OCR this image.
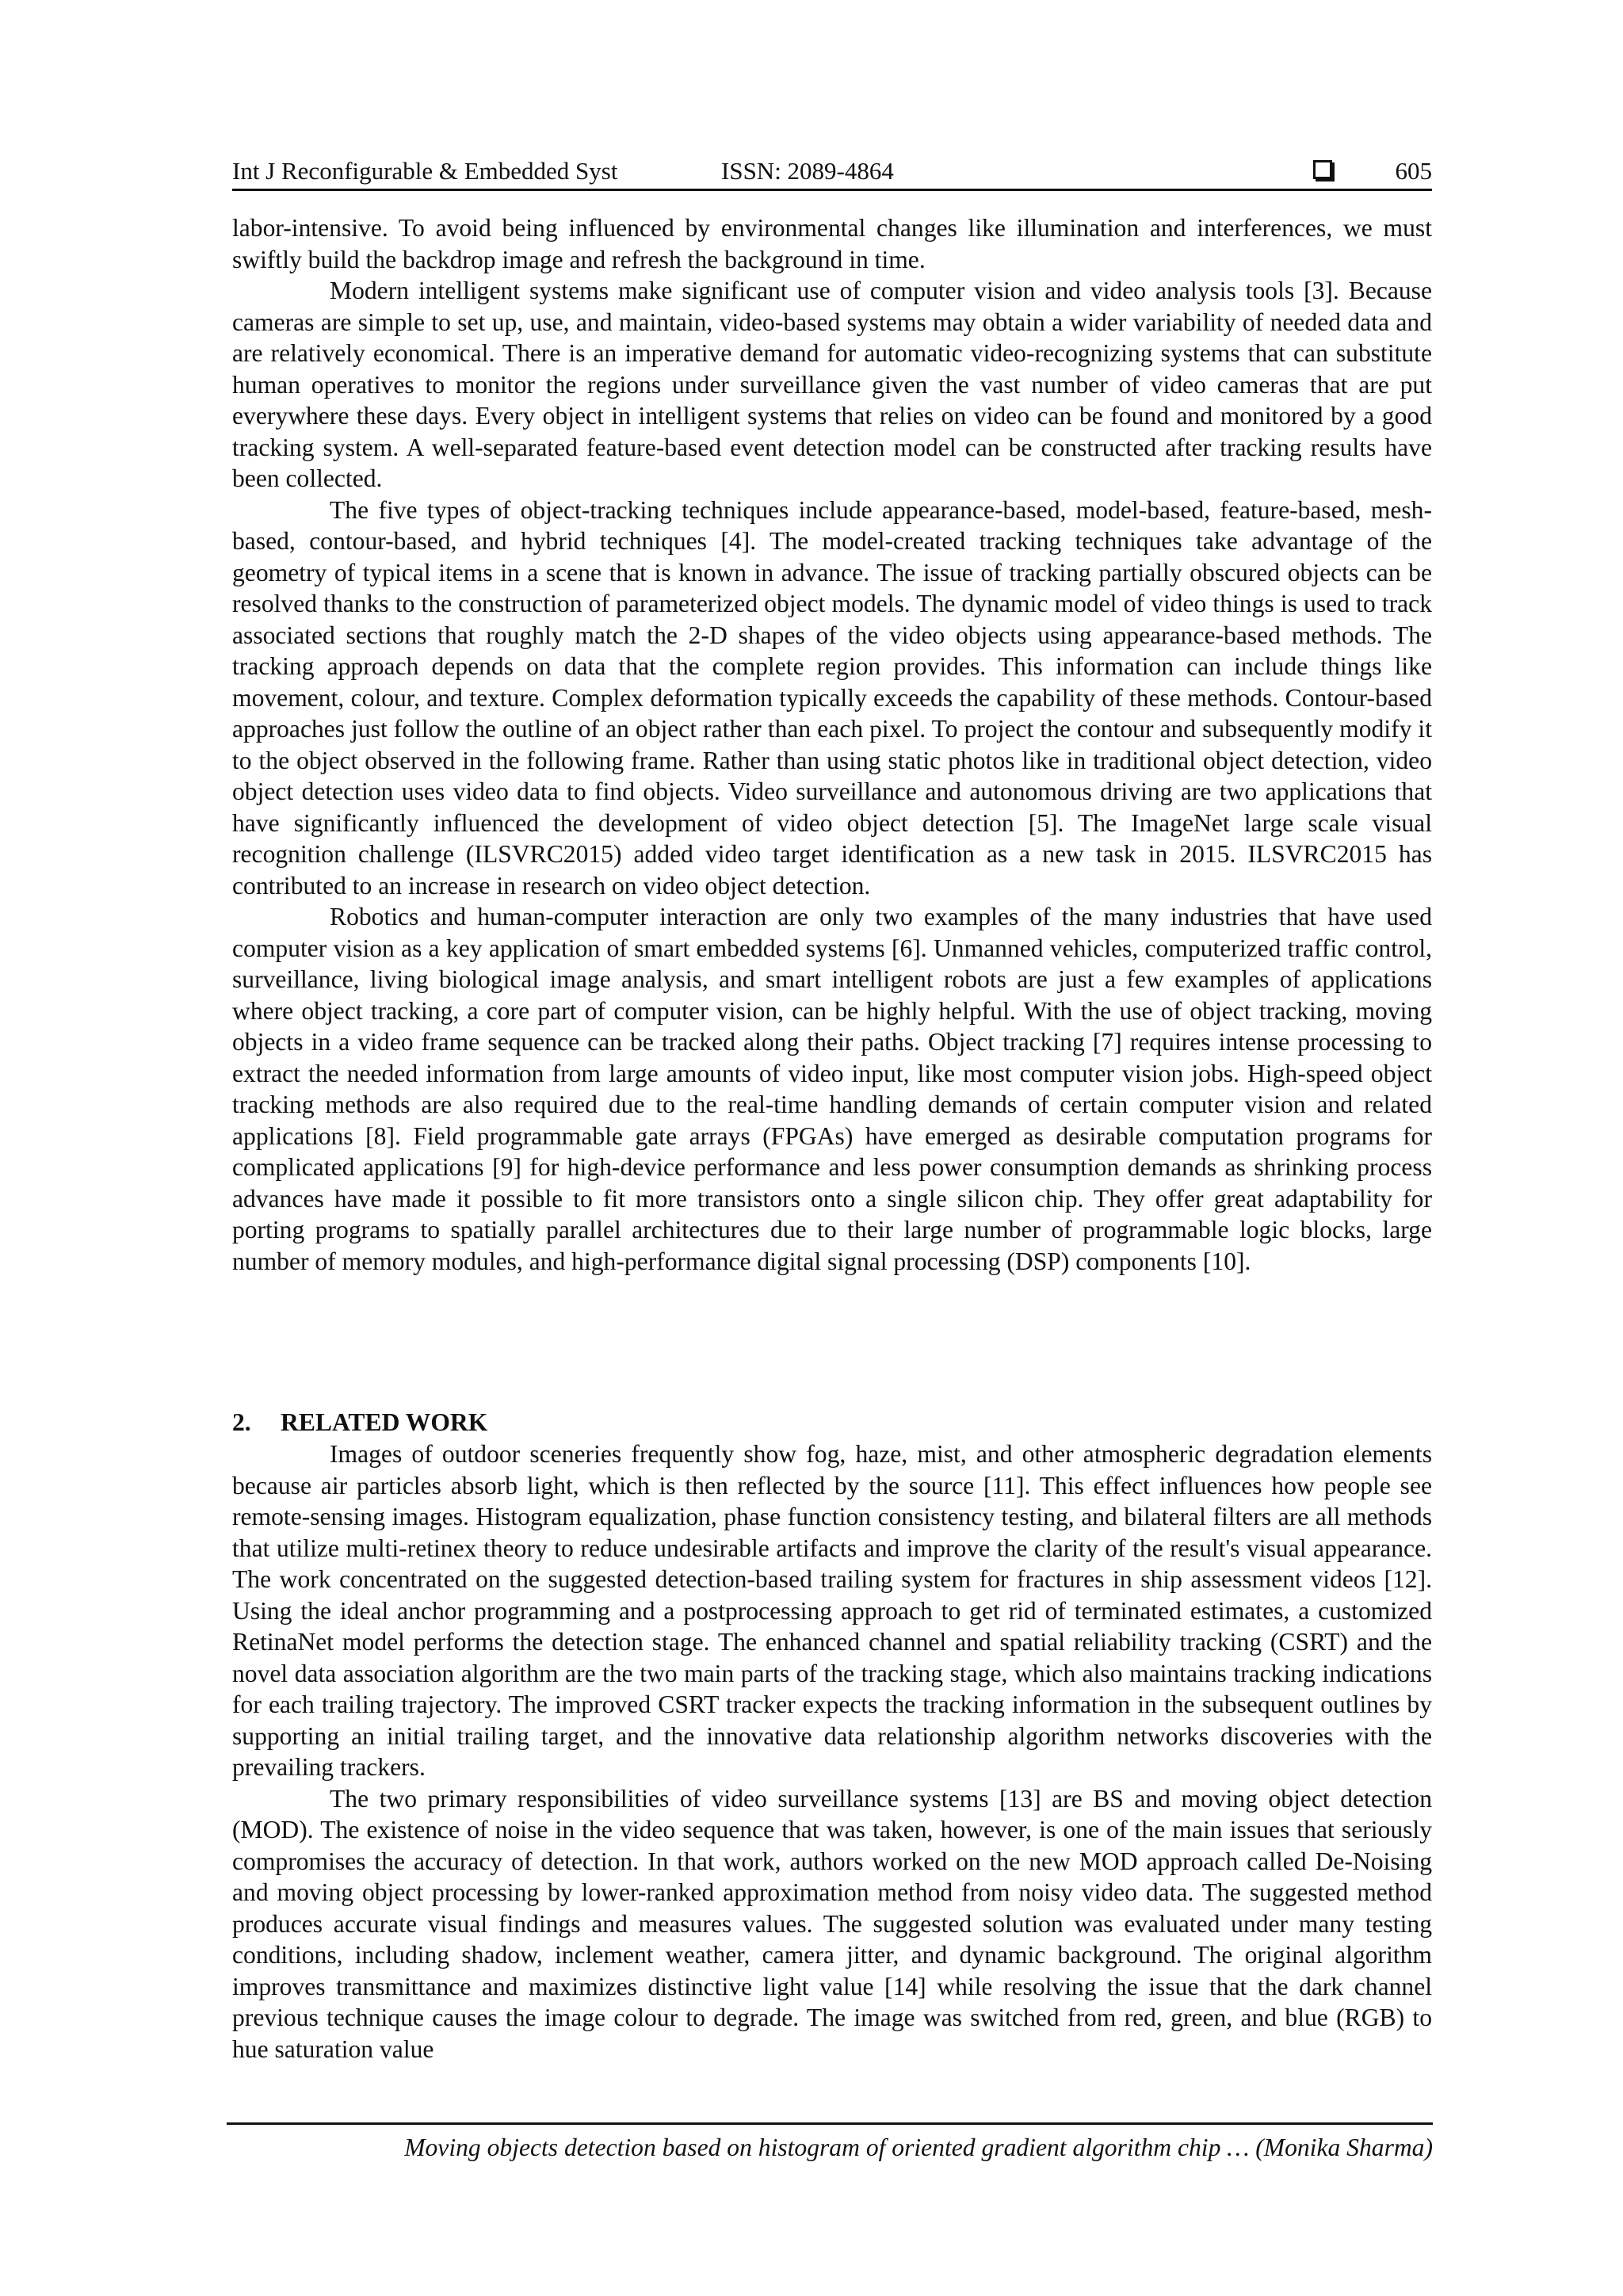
Int J Reconfigurable & Embedded Syst	ISSN: 2089-4864	605

labor-intensive. To avoid being influenced by environmental changes like illumination and interferences, we must swiftly build the backdrop image and refresh the background in time.

Modern intelligent systems make significant use of computer vision and video analysis tools [3]. Because cameras are simple to set up, use, and maintain, video-based systems may obtain a wider variability of needed data and are relatively economical. There is an imperative demand for automatic video-recognizing systems that can substitute human operatives to monitor the regions under surveillance given the vast number of video cameras that are put everywhere these days. Every object in intelligent systems that relies on video can be found and monitored by a good tracking system. A well-separated feature-based event detection model can be constructed after tracking results have been collected.

The five types of object-tracking techniques include appearance-based, model-based, feature-based, mesh-based, contour-based, and hybrid techniques [4]. The model-created tracking techniques take advantage of the geometry of typical items in a scene that is known in advance. The issue of tracking partially obscured objects can be resolved thanks to the construction of parameterized object models. The dynamic model of video things is used to track associated sections that roughly match the 2-D shapes of the video objects using appearance-based methods. The tracking approach depends on data that the complete region provides. This information can include things like movement, colour, and texture. Complex deformation typically exceeds the capability of these methods. Contour-based approaches just follow the outline of an object rather than each pixel. To project the contour and subsequently modify it to the object observed in the following frame. Rather than using static photos like in traditional object detection, video object detection uses video data to find objects. Video surveillance and autonomous driving are two applications that have significantly influenced the development of video object detection [5]. The ImageNet large scale visual recognition challenge (ILSVRC2015) added video target identification as a new task in 2015. ILSVRC2015 has contributed to an increase in research on video object detection.

Robotics and human-computer interaction are only two examples of the many industries that have used computer vision as a key application of smart embedded systems [6]. Unmanned vehicles, computerized traffic control, surveillance, living biological image analysis, and smart intelligent robots are just a few examples of applications where object tracking, a core part of computer vision, can be highly helpful. With the use of object tracking, moving objects in a video frame sequence can be tracked along their paths. Object tracking [7] requires intense processing to extract the needed information from large amounts of video input, like most computer vision jobs. High-speed object tracking methods are also required due to the real-time handling demands of certain computer vision and related applications [8]. Field programmable gate arrays (FPGAs) have emerged as desirable computation programs for complicated applications [9] for high-device performance and less power consumption demands as shrinking process advances have made it possible to fit more transistors onto a single silicon chip. They offer great adaptability for porting programs to spatially parallel architectures due to their large number of programmable logic blocks, large number of memory modules, and high-performance digital signal processing (DSP) components [10].

2. RELATED WORK

Images of outdoor sceneries frequently show fog, haze, mist, and other atmospheric degradation elements because air particles absorb light, which is then reflected by the source [11]. This effect influences how people see remote-sensing images. Histogram equalization, phase function consistency testing, and bilateral filters are all methods that utilize multi-retinex theory to reduce undesirable artifacts and improve the clarity of the result's visual appearance. The work concentrated on the suggested detection-based trailing system for fractures in ship assessment videos [12]. Using the ideal anchor programming and a postprocessing approach to get rid of terminated estimates, a customized RetinaNet model performs the detection stage. The enhanced channel and spatial reliability tracking (CSRT) and the novel data association algorithm are the two main parts of the tracking stage, which also maintains tracking indications for each trailing trajectory. The improved CSRT tracker expects the tracking information in the subsequent outlines by supporting an initial trailing target, and the innovative data relationship algorithm networks discoveries with the prevailing trackers.

The two primary responsibilities of video surveillance systems [13] are BS and moving object detection (MOD). The existence of noise in the video sequence that was taken, however, is one of the main issues that seriously compromises the accuracy of detection. In that work, authors worked on the new MOD approach called De-Noising and moving object processing by lower-ranked approximation method from noisy video data. The suggested method produces accurate visual findings and measures values. The suggested solution was evaluated under many testing conditions, including shadow, inclement weather, camera jitter, and dynamic background. The original algorithm improves transmittance and maximizes distinctive light value [14] while resolving the issue that the dark channel previous technique causes the image colour to degrade. The image was switched from red, green, and blue (RGB) to hue saturation value

Moving objects detection based on histogram of oriented gradient algorithm chip … (Monika Sharma)
